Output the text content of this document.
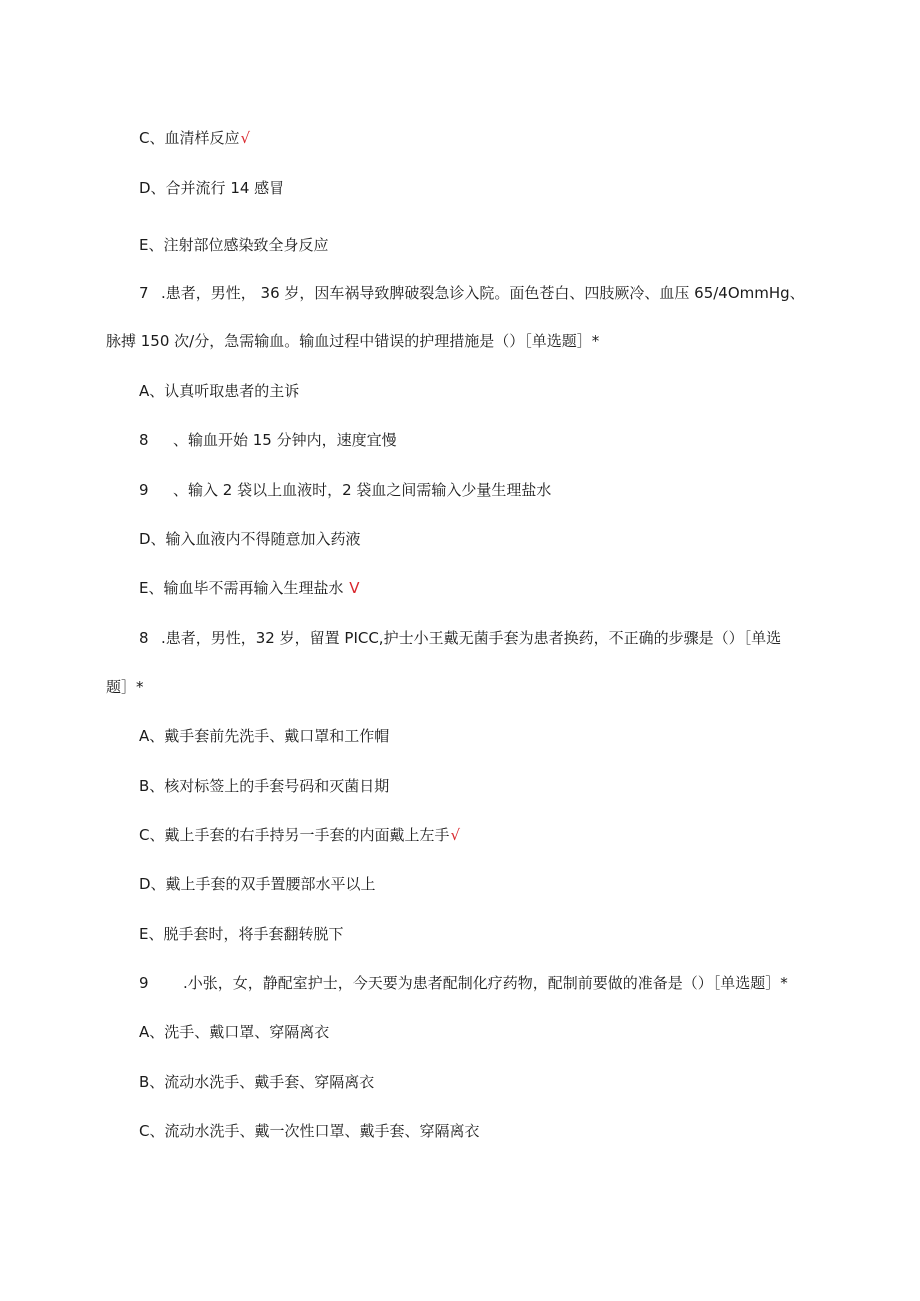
C、血清样反应√
D、合并流行 14 感冒
E、注射部位感染致全身反应
7 .患者，男性， 36 岁，因车祸导致脾破裂急诊入院。面色苍白、四肢厥冷、血压 65/4OmmHg、
脉搏 150 次/分，急需输血。输血过程中错误的护理措施是（）［单选题］*
A、认真听取患者的主诉
8 、输血开始 15 分钟内，速度宜慢
9 、输入 2 袋以上血液时，2 袋血之间需输入少量生理盐水
D、输入血液内不得随意加入药液
E、输血毕不需再输入生理盐水 V
8 .患者，男性，32 岁，留置 PICC,护士小王戴无菌手套为患者换药，不正确的步骤是（）［单选
题］*
A、戴手套前先洗手、戴口罩和工作帽
B、核对标签上的手套号码和灭菌日期
C、戴上手套的右手持另一手套的内面戴上左手√
D、戴上手套的双手置腰部水平以上
E、脱手套时，将手套翻转脱下
9 .小张，女，静配室护士，今天要为患者配制化疗药物，配制前要做的准备是（）［单选题］*
A、洗手、戴口罩、穿隔离衣
B、流动水洗手、戴手套、穿隔离衣
C、流动水洗手、戴一次性口罩、戴手套、穿隔离衣
